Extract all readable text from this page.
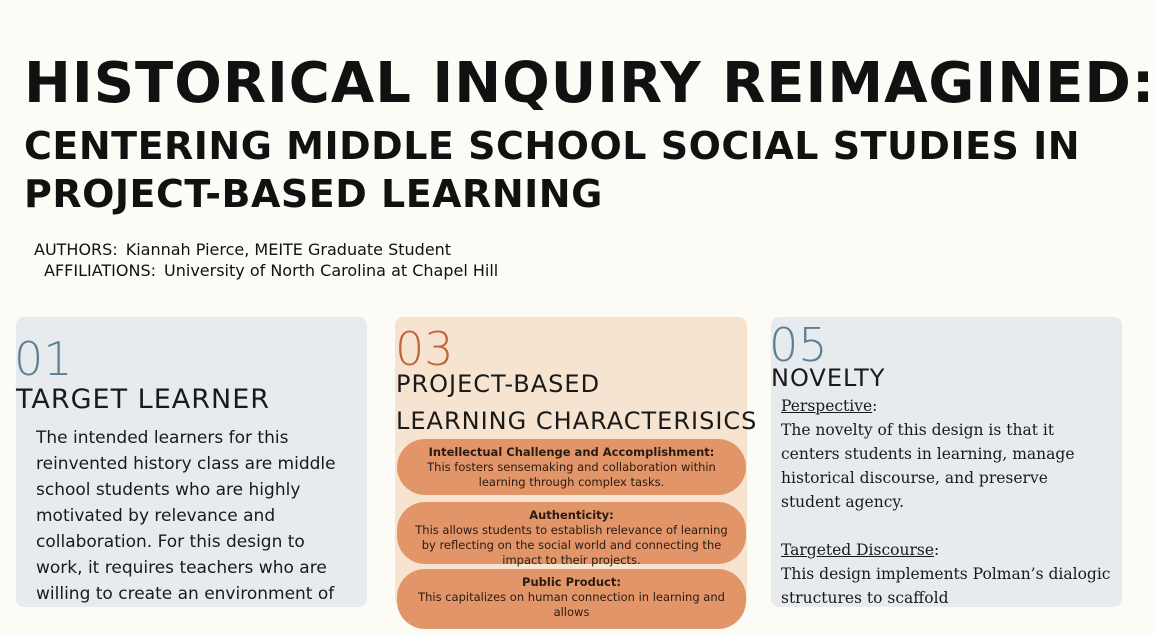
HISTORICAL INQUIRY REIMAGINED:
CENTERING MIDDLE SCHOOL SOCIAL STUDIES IN PROJECT-BASED LEARNING
AUTHORS: Kiannah Pierce, MEITE Graduate Student
AFFILIATIONS: University of North Carolina at Chapel Hill
01
TARGET LEARNER
The intended learners for this reinvented history class are middle school students who are highly motivated by relevance and collaboration. For this design to work, it requires teachers who are willing to create an environment of
03
PROJECT-BASED
LEARNING CHARACTERISICS
Intellectual Challenge and Accomplishment:
This fosters sensemaking and collaboration within learning through complex tasks.
Authenticity:
This allows students to establish relevance of learning by reflecting on the social world and connecting the impact to their projects.
Public Product:
This capitalizes on human connection in learning and allows
05
NOVELTY
Perspective:

The novelty of this design is that it centers students in learning, manage historical discourse, and preserve student agency.

Targeted Discourse:

This design implements Polman’s dialogic structures to scaffold
